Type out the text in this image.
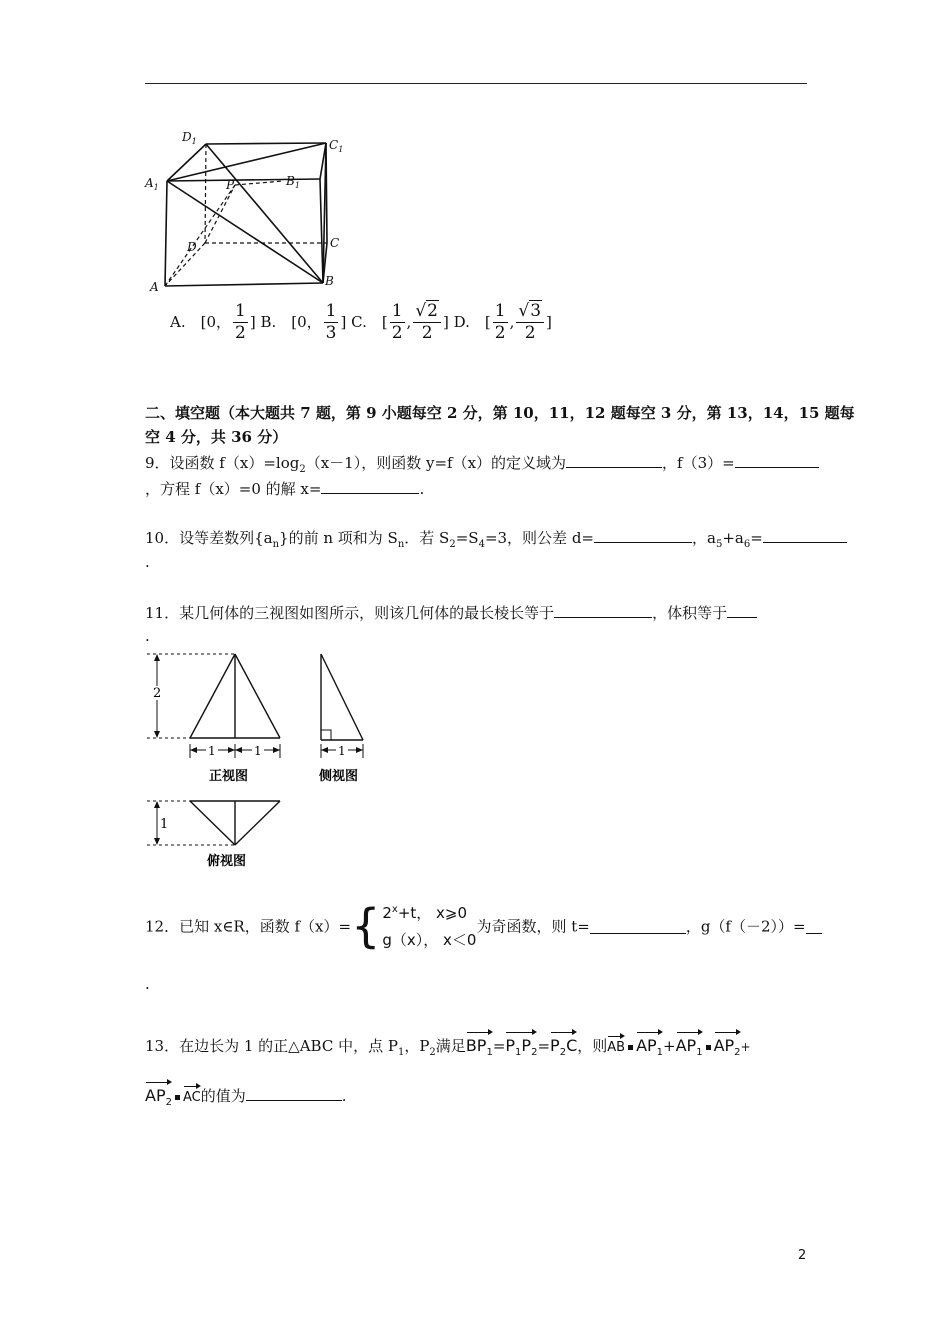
$D_1$	$C_1$
$A_1$	$B_1$
P
D	C
A	B
A.　[0， $\frac{1}{2}$ ] B.　[0， $\frac{1}{3}$ ] C.　[ $\frac{1}{2}$ , $\frac{√2}{2}$ ] D.　[ $\frac{1}{2}$ , $\frac{√3}{2}$ ]
二、填空题（本大题共 7 题，第 9 小题每空 2 分，第 10，11，12 题每空 3 分，第 13，14，15 题每
空 4 分，共 36 分）
9．设函数 $f(x)=\log_2(x-1)$，则函数 y=f（x）的定义域为	，f（3）=
，方程 f（x）=0 的解 x=	.
10．设等差数列$\{a_n\}$的前 n 项和为 $S_n$．若 $S_2=S_4=3$，则公差 d=	，$a_5+a_6=$
.
11．某几何体的三视图如图所示，则该几何体的最长棱长等于	，体积等于
.
2
1	1
正视图
1
侧视图
1
俯视图
12．已知 x∈R，函数 f（x）= { $2^x+t$， x⩾0
g（x）， x＜0
为奇函数，则 t=	，g（f（－2））=
.
13．在边长为 1 的正△ABC 中，点 $P_1$，$P_2$满足$BP_1=P_1P_2=P_2C$，则AB $AP_1+AP_1$ $AP_2+$
$AP_2$ AC的值为	.
2
